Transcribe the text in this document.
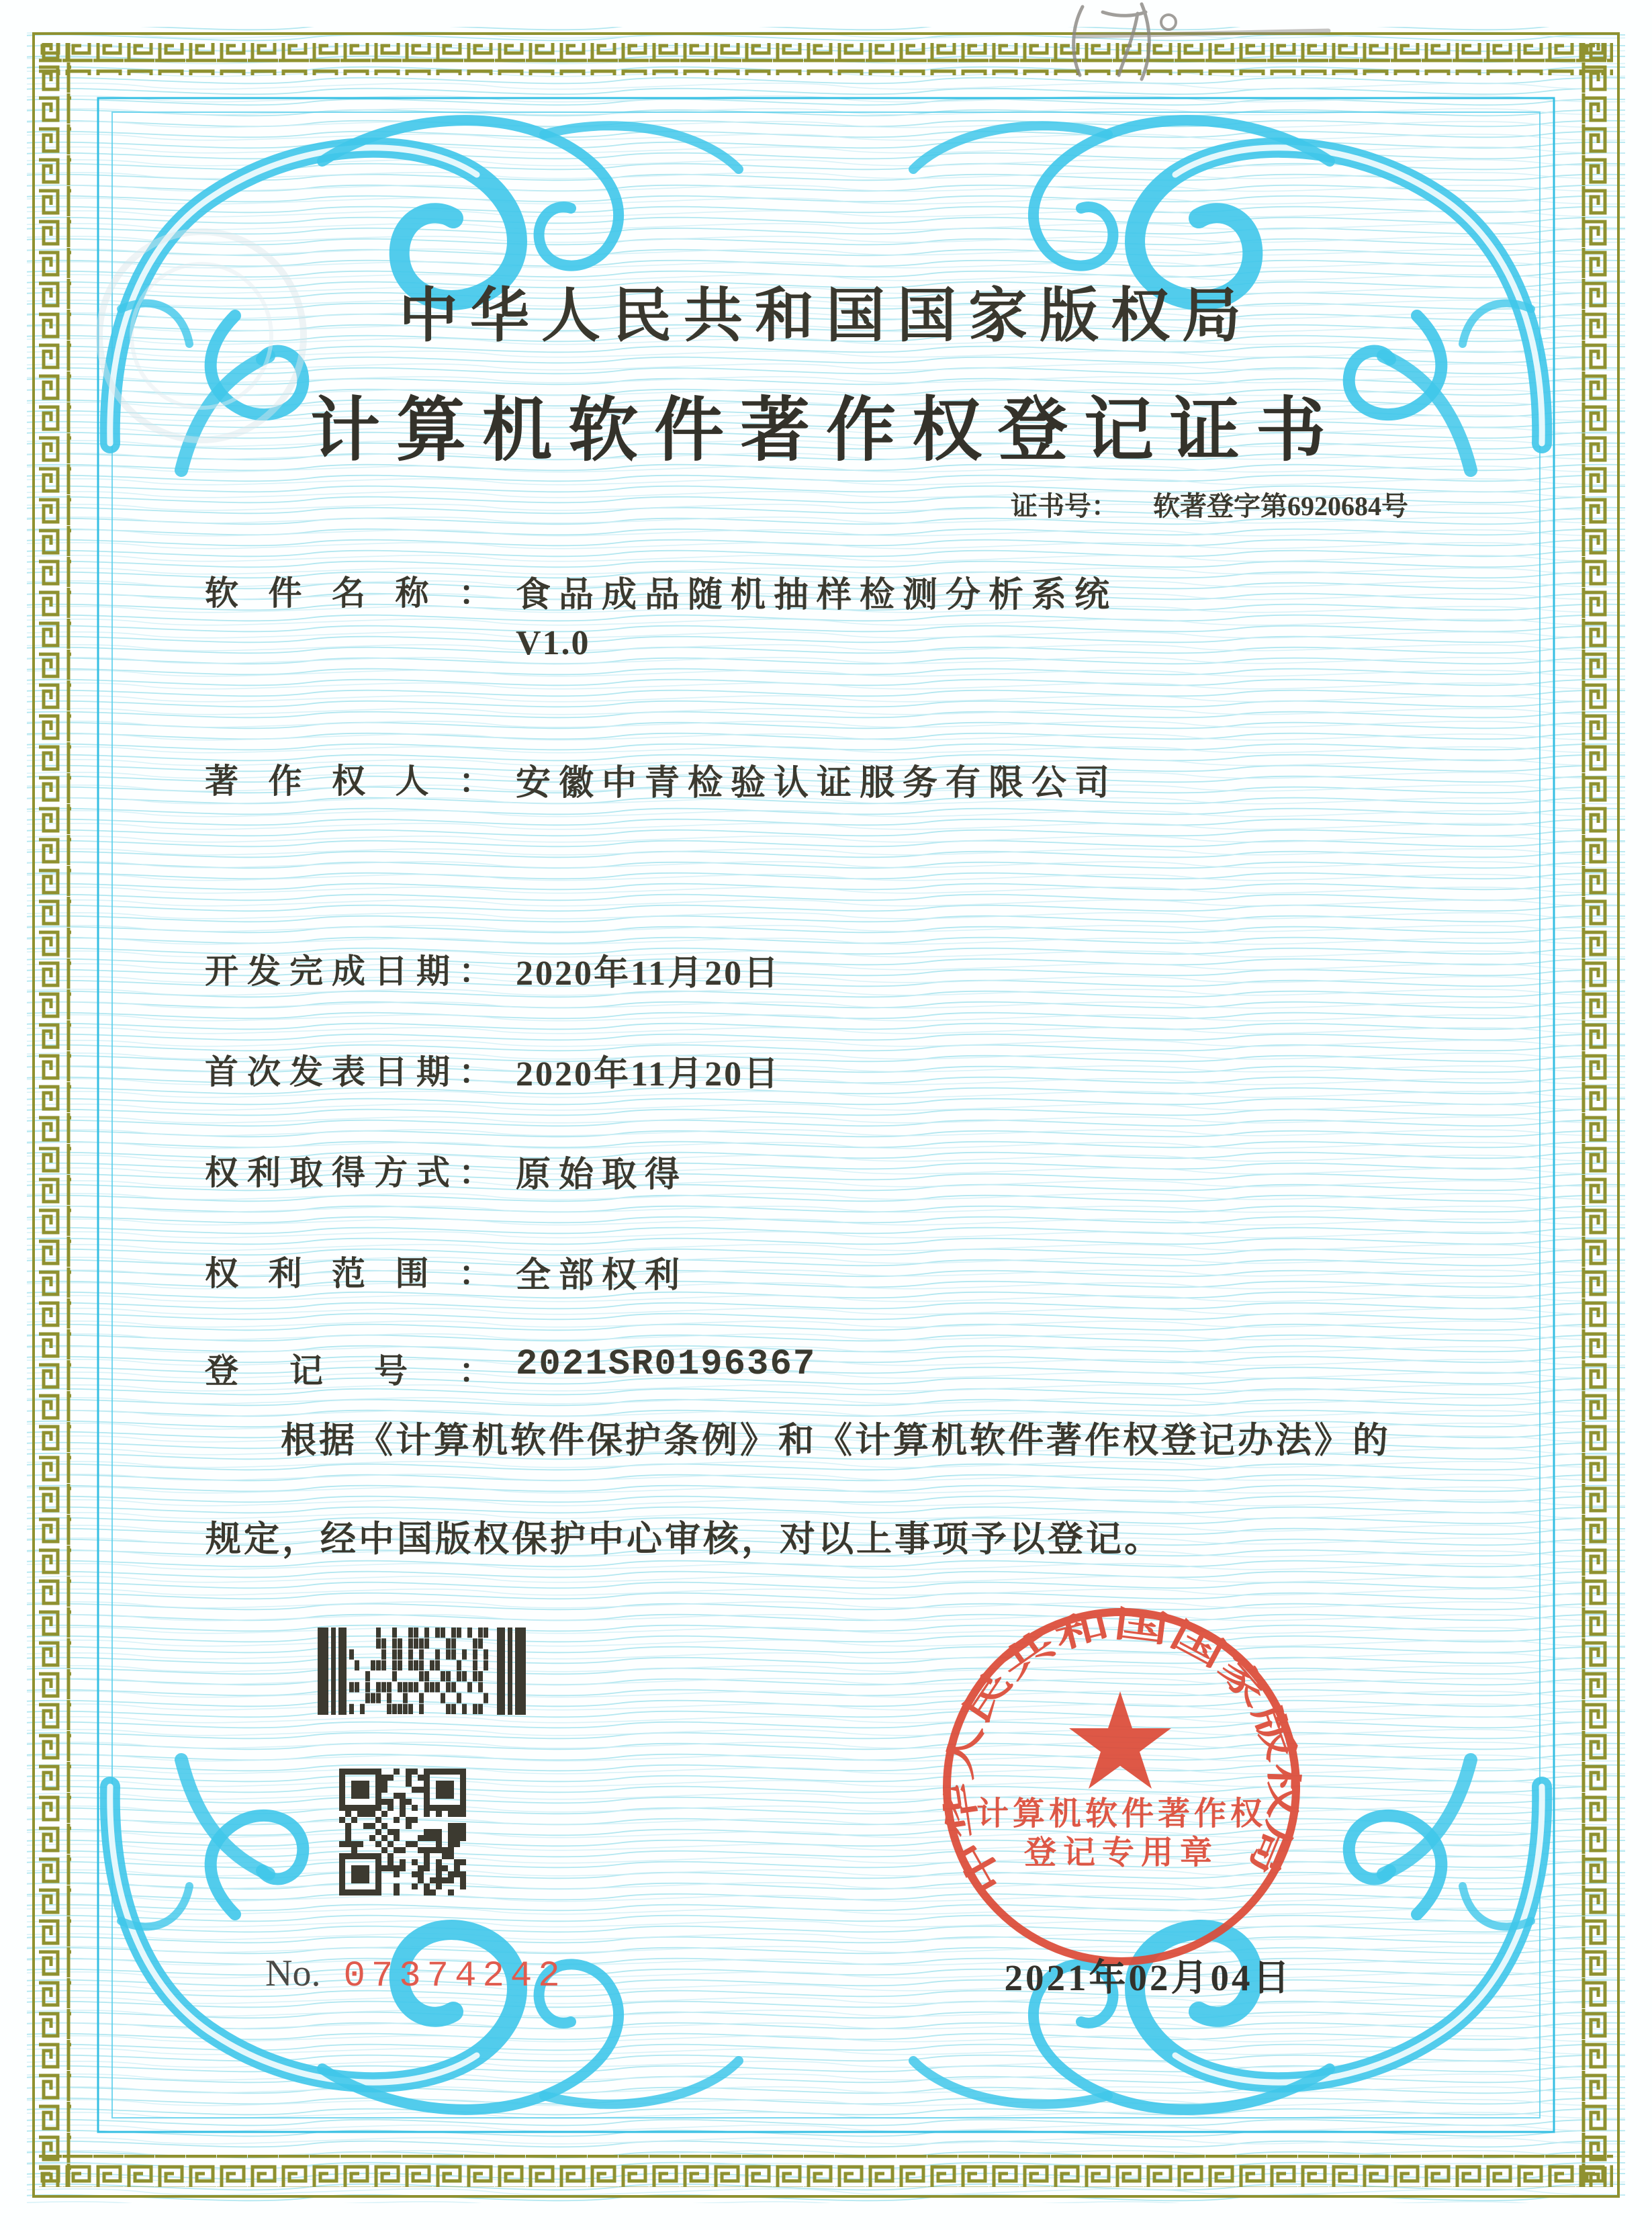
中华人民共和国国家版权局
计算机软件著作权
登记专用章
中华人民共和国国家版权局
计算机软件著作权登记证书
证书号： 软著登字第6920684号
软件名称： 食品成品随机抽样检测分析系统
V1.0
著作权人： 安徽中青检验认证服务有限公司
开发完成日期： 2020年11月20日
首次发表日期： 2020年11月20日
权利取得方式： 原始取得
权利范围： 全部权利
登记号： 2021SR0196367
根据《计算机软件保护条例》和《计算机软件著作权登记办法》的
规定，经中国版权保护中心审核，对以上事项予以登记。
No. 07374242	2021年02月04日
